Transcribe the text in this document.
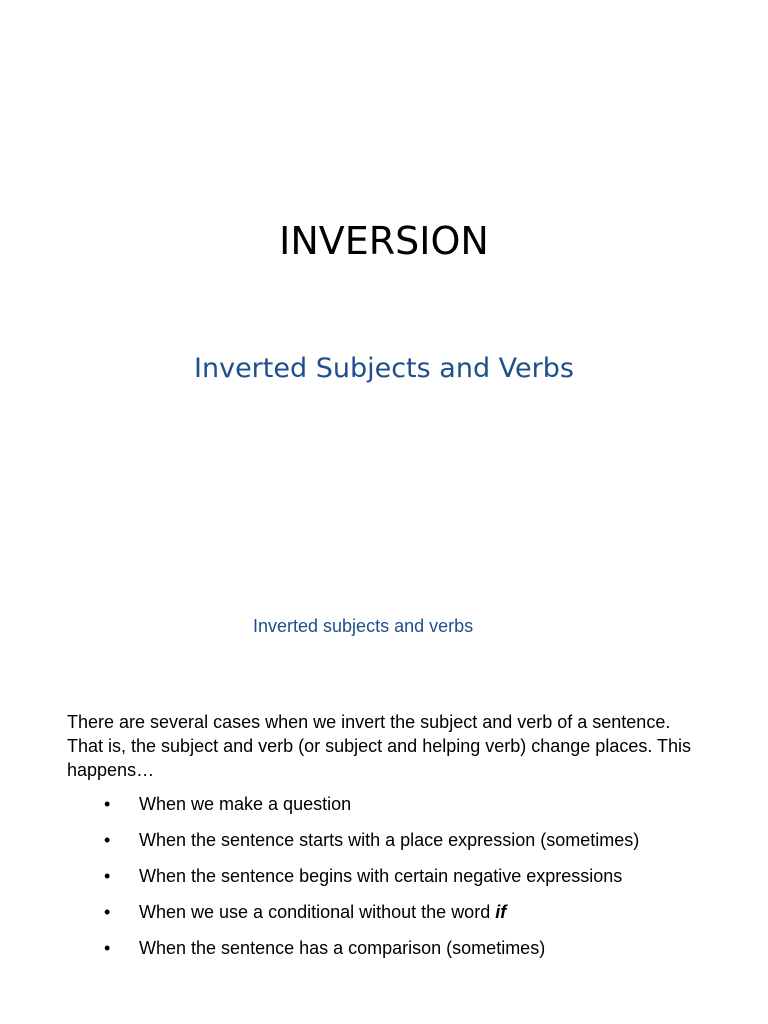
INVERSION
Inverted Subjects and Verbs
Inverted subjects and verbs
There are several cases when we invert the subject and verb of a sentence.
That is, the subject and verb (or subject and helping verb) change places. This
happens…
• When we make a question
• When the sentence starts with a place expression (sometimes)
• When the sentence begins with certain negative expressions
• When we use a conditional without the word if
• When the sentence has a comparison (sometimes)
